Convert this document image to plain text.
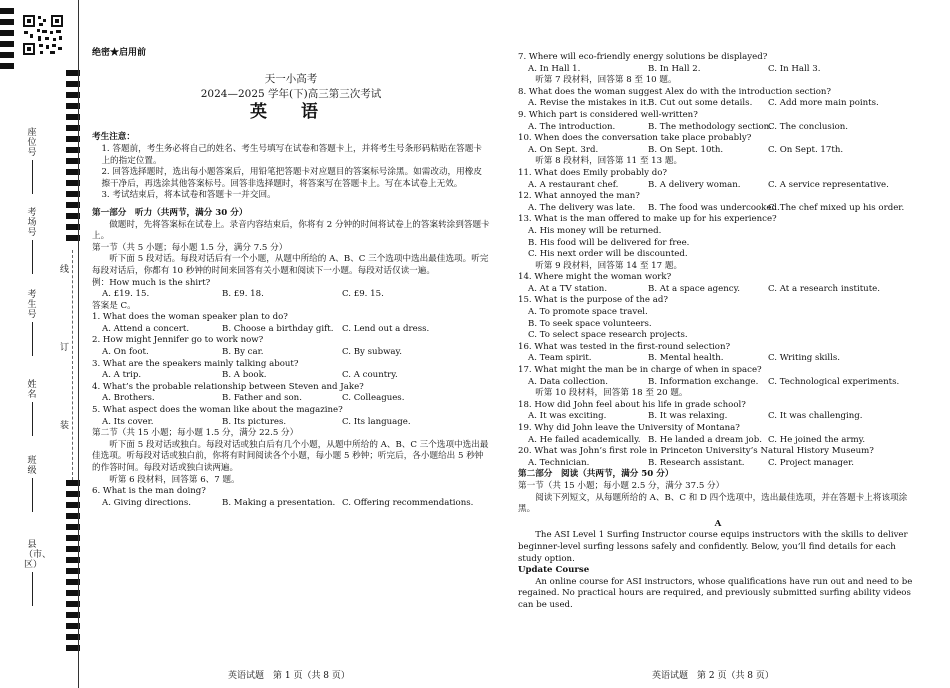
座位号
考场号
考生号
姓名
班级
县（市、区）
线
订
装
绝密★启用前
天一小高考
2024—2025 学年(下)高三第三次考试
英 语
考生注意：
1. 答题前，考生务必将自己的姓名、考生号填写在试卷和答题卡上，并将考生号条形码粘贴在答题卡上的指定位置。
2. 回答选择题时，选出每小题答案后，用铅笔把答题卡对应题目的答案标号涂黑。如需改动，用橡皮擦干净后，再选涂其他答案标号。回答非选择题时，将答案写在答题卡上。写在本试卷上无效。
3. 考试结束后，将本试卷和答题卡一并交回。
第一部分　听力（共两节，满分 30 分）
做题时，先将答案标在试卷上。录音内容结束后，你将有 2 分钟的时间将试卷上的答案转涂到答题卡上。
第一节（共 5 小题；每小题 1.5 分，满分 7.5 分）
听下面 5 段对话。每段对话后有一个小题，从题中所给的 A、B、C 三个选项中选出最佳选项。听完每段对话后，你都有 10 秒钟的时间来回答有关小题和阅读下一小题。每段对话仅读一遍。
例：How much is the shirt?
A. £19. 15.	B. £9. 18.	C. £9. 15.
答案是 C。
1. What does the woman speaker plan to do?
A. Attend a concert.	B. Choose a birthday gift. C. Lend out a dress.
2. How might Jennifer go to work now?
A. On foot.	B. By car.	C. By subway.
3. What are the speakers mainly talking about?
A. A trip.	B. A book.	C. A country.
4. What’s the probable relationship between Steven and Jake?
A. Brothers.	B. Father and son.	C. Colleagues.
5. What aspect does the woman like about the magazine?
A. Its cover.	B. Its pictures.	C. Its language.
第二节（共 15 小题；每小题 1.5 分，满分 22.5 分）
听下面 5 段对话或独白。每段对话或独白后有几个小题，从题中所给的 A、B、C 三个选项中选出最佳选项。听每段对话或独白前，你将有时间阅读各个小题，每小题 5 秒钟；听完后，各小题给出 5 秒钟的作答时间。每段对话或独白读两遍。
听第 6 段材料，回答第 6、7 题。
6. What is the man doing?
A. Giving directions.	B. Making a presentation. C. Offering recommendations.
英语试题　第 1 页（共 8 页）
7. Where will eco-friendly energy solutions be displayed?
A. In Hall 1.	B. In Hall 2.	C. In Hall 3.
听第 7 段材料，回答第 8 至 10 题。
8. What does the woman suggest Alex do with the introduction section?
A. Revise the mistakes in it.
B. Cut out some details.	C. Add more main points.
9. Which part is considered well-written?
A. The introduction.	B. The methodology section.
C. The conclusion.
10. When does the conversation take place probably?
A. On Sept. 3rd.	B. On Sept. 10th.	C. On Sept. 17th.
听第 8 段材料，回答第 11 至 13 题。
11. What does Emily probably do?
A. A restaurant chef.	B. A delivery woman.	C. A service representative.
12. What annoyed the man?
A. The delivery was late.	B. The food was undercooked.
C. The chef mixed up his order.
13. What is the man offered to make up for his experience?
A. His money will be returned.
B. His food will be delivered for free.
C. His next order will be discounted.
听第 9 段材料，回答第 14 至 17 题。
14. Where might the woman work?
A. At a TV station.	B. At a space agency.	C. At a research institute.
15. What is the purpose of the ad?
A. To promote space travel.
B. To seek space volunteers.
C. To select space research projects.
16. What was tested in the first-round selection?
A. Team spirit.	B. Mental health.	C. Writing skills.
17. What might the man be in charge of when in space?
A. Data collection.	B. Information exchange.	C. Technological experiments.
听第 10 段材料，回答第 18 至 20 题。
18. How did John feel about his life in grade school?
A. It was exciting.	B. It was relaxing.	C. It was challenging.
19. Why did John leave the University of Montana?
A. He failed academically. B. He landed a dream job. C. He joined the army.
20. What was John’s first role in Princeton University’s Natural History Museum?
A. Technician.	B. Research assistant.	C. Project manager.
第二部分　阅读（共两节，满分 50 分）
第一节（共 15 小题；每小题 2.5 分，满分 37.5 分）
阅读下列短文，从每题所给的 A、B、C 和 D 四个选项中，选出最佳选项，并在答题卡上将该项涂黑。
A
The ASI Level 1 Surfing Instructor course equips instructors with the skills to deliver beginner-level surfing lessons safely and confidently. Below, you’ll find details for each study option.
Update Course
An online course for ASI instructors, whose qualifications have run out and need to be regained. No practical hours are required, and previously submitted surfing ability videos can be used.
英语试题　第 2 页（共 8 页）
